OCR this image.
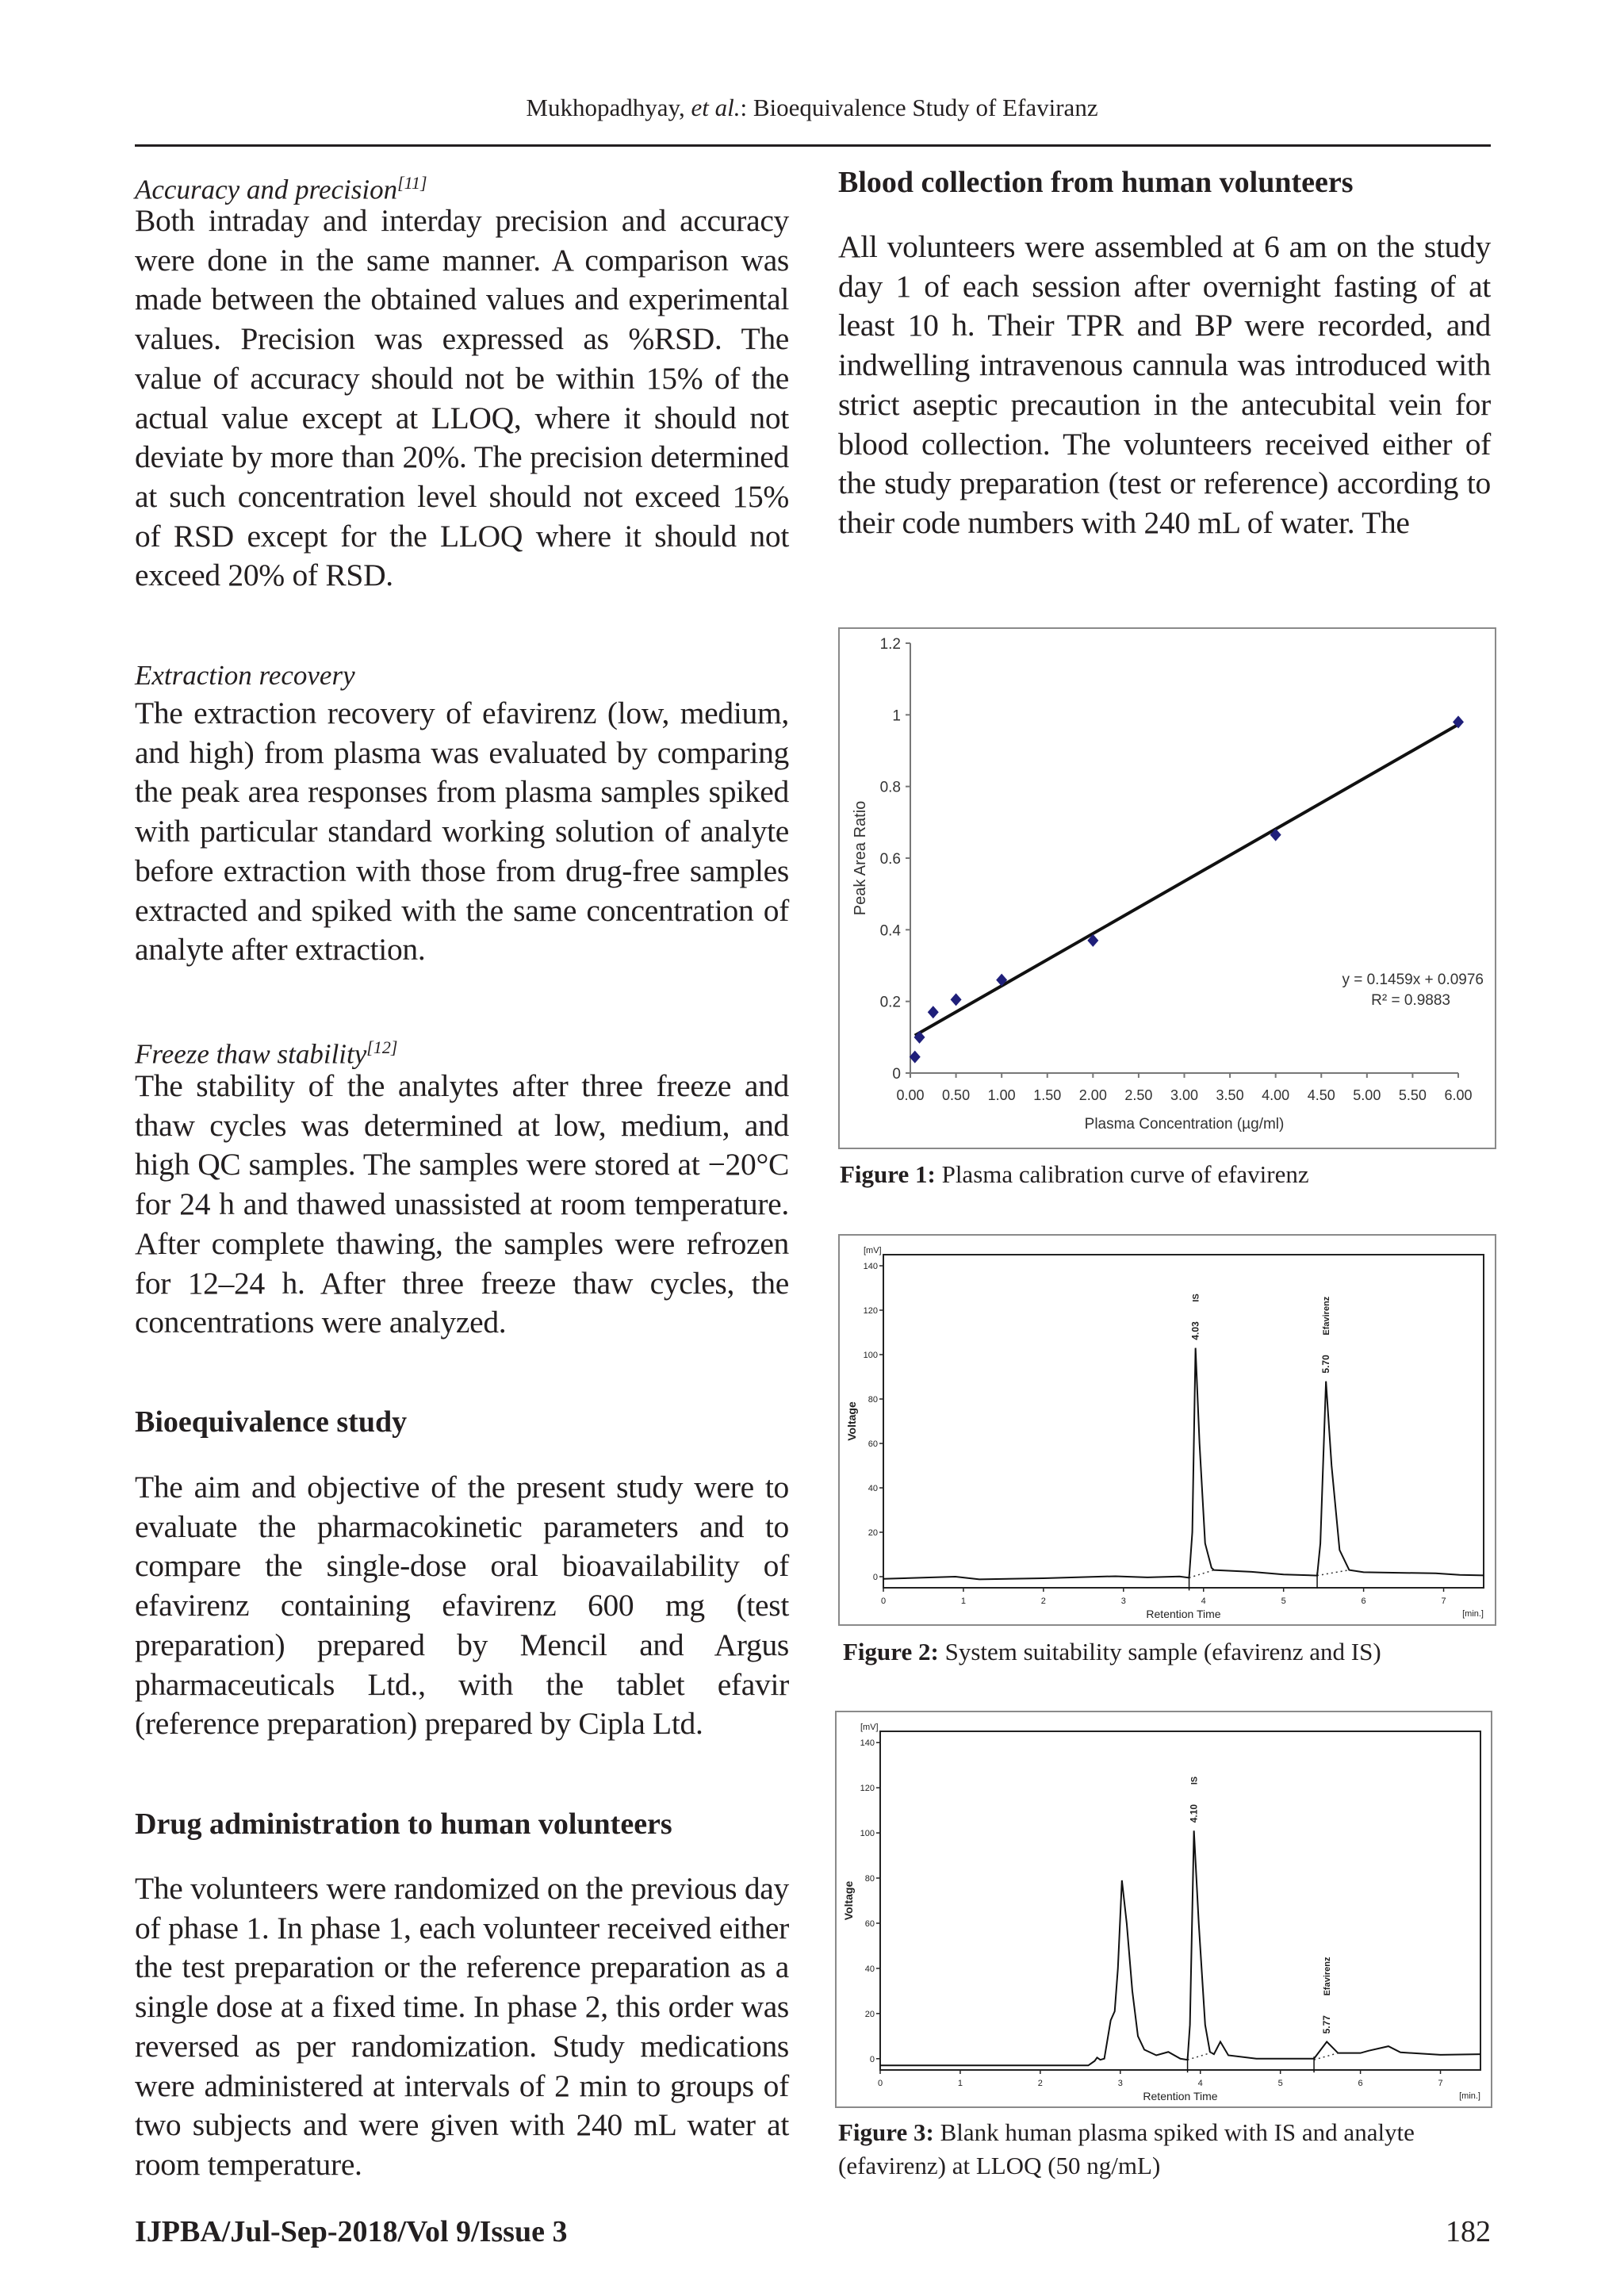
Mukhopadhyay, et al.: Bioequivalence Study of Efaviranz
Accuracy and precision[11]
Both intraday and interday precision and accuracy were done in the same manner. A comparison was made between the obtained values and experimental values. Precision was expressed as %RSD. The value of accuracy should not be within 15% of the actual value except at LLOQ, where it should not deviate by more than 20%. The precision determined at such concentration level should not exceed 15% of RSD except for the LLOQ where it should not exceed 20% of RSD.
Extraction recovery
The extraction recovery of efavirenz (low, medium, and high) from plasma was evaluated by comparing the peak area responses from plasma samples spiked with particular standard working solution of analyte before extraction with those from drug-free samples extracted and spiked with the same concentration of analyte after extraction.
Freeze thaw stability[12]
The stability of the analytes after three freeze and thaw cycles was determined at low, medium, and high QC samples. The samples were stored at −20°C for 24 h and thawed unassisted at room temperature. After complete thawing, the samples were refrozen for 12–24 h. After three freeze thaw cycles, the concentrations were analyzed.
Bioequivalence study
The aim and objective of the present study were to evaluate the pharmacokinetic parameters and to compare the single-dose oral bioavailability of efavirenz containing efavirenz 600 mg (test preparation) prepared by Mencil and Argus pharmaceuticals Ltd., with the tablet efavir (reference preparation) prepared by Cipla Ltd.
Drug administration to human volunteers
The volunteers were randomized on the previous day of phase 1. In phase 1, each volunteer received either the test preparation or the reference preparation as a single dose at a fixed time. In phase 2, this order was reversed as per randomization. Study medications were administered at intervals of 2 min to groups of two subjects and were given with 240 mL water at room temperature.
Blood collection from human volunteers
All volunteers were assembled at 6 am on the study day 1 of each session after overnight fasting of at least 10 h. Their TPR and BP were recorded, and indwelling intravenous cannula was introduced with strict aseptic precaution in the antecubital vein for blood collection. The volunteers received either of the study preparation (test or reference) according to their code numbers with 240 mL of water. The
0
0.2
0.4
0.6
0.8
1
1.2
0.00 0.50 1.00 1.50 2.00 2.50 3.00 3.50 4.00 4.50 5.00 5.50 6.00
Plasma Concentration (µg/ml)
Peak Area Ratio
y = 0.1459x + 0.0976
R² = 0.9883
Figure 1: Plasma calibration curve of efavirenz
0
20
40
60
80
100
120
140
0	1	2	3	4	5	6	7
[mV]
[min.]
Retention Time
Voltage
4.03
IS
5.70
Efavirenz
Figure 2: System suitability sample (efavirenz and IS)
0
20
40
60
80
100
120
140
0	1	2	3	4	5	6	7
[mV]
[min.]
Retention Time
Voltage
4.10
IS
5.77
Efavirenz
Figure 3: Blank human plasma spiked with IS and analyte (efavirenz) at LLOQ (50 ng/mL)
IJPBA/Jul-Sep-2018/Vol 9/Issue 3	182
